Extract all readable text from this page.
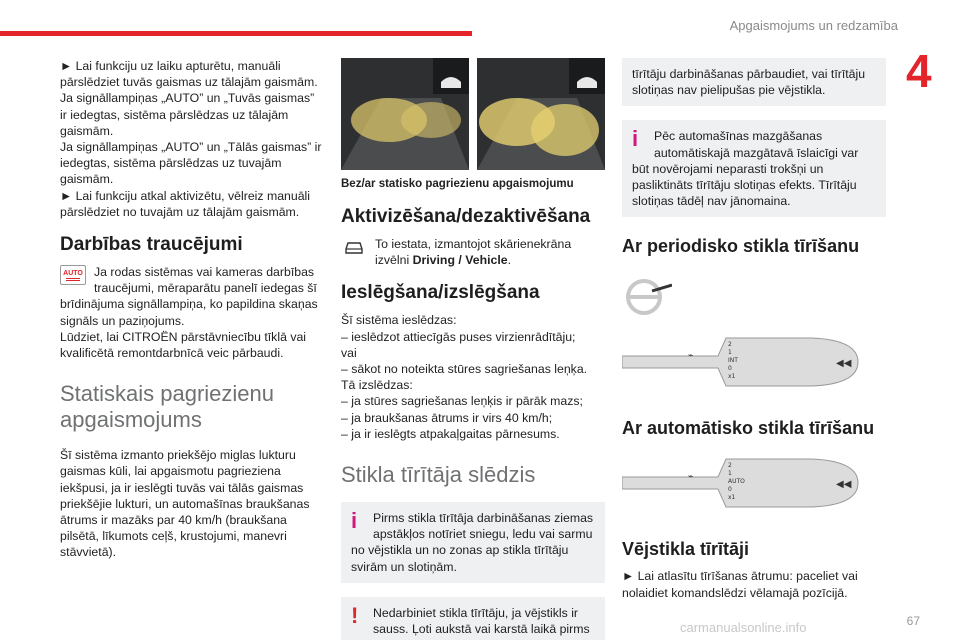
Apgaismojums un redzamība
4

► Lai funkciju uz laiku apturētu, manuāli pārslēdziet tuvās gaismas uz tālajām gaismām.

Ja signāllampiņas „AUTO” un „Tuvās gaismas” ir iedegtas, sistēma pārslēdzas uz tālajām gaismām.

Ja signāllampiņas „AUTO” un „Tālās gaismas” ir iedegtas, sistēma pārslēdzas uz tuvajām gaismām.

► Lai funkciju atkal aktivizētu, vēlreiz manuāli pārslēdziet no tuvajām uz tālajām gaismām.

Darbības traucējumi
AUTO Ja rodas sistēmas vai kameras darbības traucējumi, mēraparātu panelī iedegas šī brīdinājuma signāllampiņa, ko papildina skaņas signāls un paziņojums.

Lūdziet, lai CITROËN pārstāvniecību tīklā vai kvalificētā remontdarbnīcā veic pārbaudi.

Statiskais pagriezienu apgaismojums
Šī sistēma izmanto priekšējo miglas lukturu gaismas kūli, lai apgaismotu pagrieziena iekšpusi, ja ir ieslēgti tuvās vai tālās gaismas priekšējie lukturi, un automašīnas braukšanas ātrums ir mazāks par 40 km/h (braukšana pilsētā, līkumots ceļš, krustojumi, manevri stāvvietā).
Bez/ar statisko pagriezienu apgaismojumu
Aktivizēšana/dezaktivēšana
To iestata, izmantojot skārienekrāna izvēlni Driving / Vehicle.
Ieslēgšana/izslēgšana

Šī sistēma ieslēdzas:

– ieslēdzot attiecīgās puses virzienrādītāju;

vai

– sākot no noteikta stūres sagriešanas leņķa.

Tā izslēdzas:

– ja stūres sagriešanas leņķis ir pārāk mazs;

– ja braukšanas ātrums ir virs 40 km/h;

– ja ir ieslēgts atpakaļgaitas pārnesums.

Stikla tīrītāja slēdzis
i	Pirms stikla tīrītāja darbināšanas ziemas apstākļos notīriet sniegu, ledu vai sarmu no vējstikla un no zonas ap stikla tīrītāju svirām un slotiņām.
!	Nedarbiniet stikla tīrītāju, ja vējstikls ir sauss. Ļoti aukstā vai karstā laikā pirms
tīrītāju darbināšanas pārbaudiet, vai tīrītāju slotiņas nav pielipušas pie vējstikla.
i	Pēc automašīnas mazgāšanas automātiskajā mazgātavā īslaicīgi var būt novērojami neparasti trokšņi un pasliktināts tīrītāju slotiņas efekts. Tīrītāju slotiņas tādēļ nav jānomaina.
Ar periodisko stikla tīrīšanu

⌁
2
1
INT
0
x1
◀◀
Ar automātisko stikla tīrīšanu
⌁
2
1
AUTO
0
x1
◀◀
Vējstikla tīrītāji
► Lai atlasītu tīrīšanas ātrumu: paceliet vai nolaidiet komandslēdzi vēlamajā pozīcijā.
67
carmanualsonline.info
